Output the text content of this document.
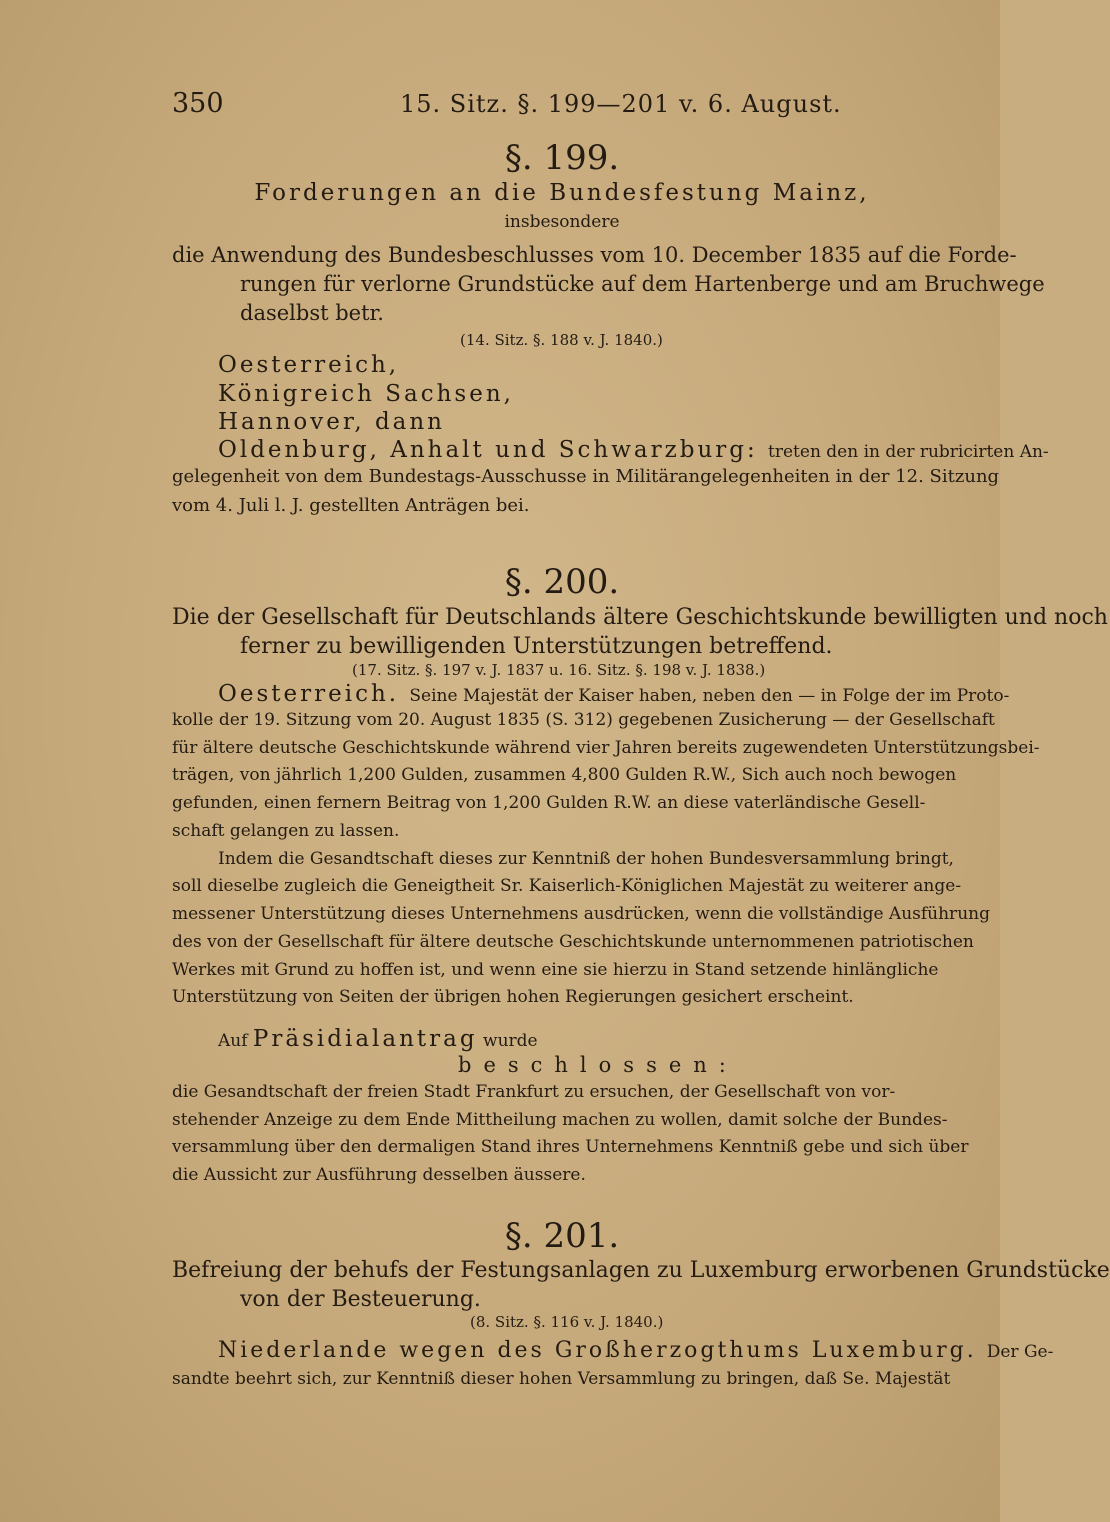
350	15. Sitz. §. 199—201 v. 6. August.
§. 199.
Forderungen an die Bundesfestung Mainz,
insbesondere
die Anwendung des Bundesbeschlusses vom 10. December 1835 auf die Forde-
rungen für verlorne Grundstücke auf dem Hartenberge und am Bruchwege
daselbst betr.
(14. Sitz. §. 188 v. J. 1840.)
Oesterreich,
Königreich Sachsen,
Hannover, dann
Oldenburg, Anhalt und Schwarzburg: treten den in der rubricirten An-
gelegenheit von dem Bundestags-Ausschusse in Militärangelegenheiten in der 12. Sitzung
vom 4. Juli l. J. gestellten Anträgen bei.
§. 200.
Die der Gesellschaft für Deutschlands ältere Geschichtskunde bewilligten und noch
ferner zu bewilligenden Unterstützungen betreffend.
(17. Sitz. §. 197 v. J. 1837 u. 16. Sitz. §. 198 v. J. 1838.)
Oesterreich. Seine Majestät der Kaiser haben, neben den — in Folge der im Proto-
kolle der 19. Sitzung vom 20. August 1835 (S. 312) gegebenen Zusicherung — der Gesellschaft
für ältere deutsche Geschichtskunde während vier Jahren bereits zugewendeten Unterstützungsbei-
trägen, von jährlich 1,200 Gulden, zusammen 4,800 Gulden R.W., Sich auch noch bewogen
gefunden, einen fernern Beitrag von 1,200 Gulden R.W. an diese vaterländische Gesell-
schaft gelangen zu lassen.
Indem die Gesandtschaft dieses zur Kenntniß der hohen Bundesversammlung bringt,
soll dieselbe zugleich die Geneigtheit Sr. Kaiserlich-Königlichen Majestät zu weiterer ange-
messener Unterstützung dieses Unternehmens ausdrücken, wenn die vollständige Ausführung
des von der Gesellschaft für ältere deutsche Geschichtskunde unternommenen patriotischen
Werkes mit Grund zu hoffen ist, und wenn eine sie hierzu in Stand setzende hinlängliche
Unterstützung von Seiten der übrigen hohen Regierungen gesichert erscheint.
Auf Präsidialantrag wurde
beschlossen:
die Gesandtschaft der freien Stadt Frankfurt zu ersuchen, der Gesellschaft von vor-
stehender Anzeige zu dem Ende Mittheilung machen zu wollen, damit solche der Bundes-
versammlung über den dermaligen Stand ihres Unternehmens Kenntniß gebe und sich über
die Aussicht zur Ausführung desselben äussere.
§. 201.
Befreiung der behufs der Festungsanlagen zu Luxemburg erworbenen Grundstücke
von der Besteuerung.
(8. Sitz. §. 116 v. J. 1840.)
Niederlande wegen des Großherzogthums Luxemburg. Der Ge-
sandte beehrt sich, zur Kenntniß dieser hohen Versammlung zu bringen, daß Se. Majestät
